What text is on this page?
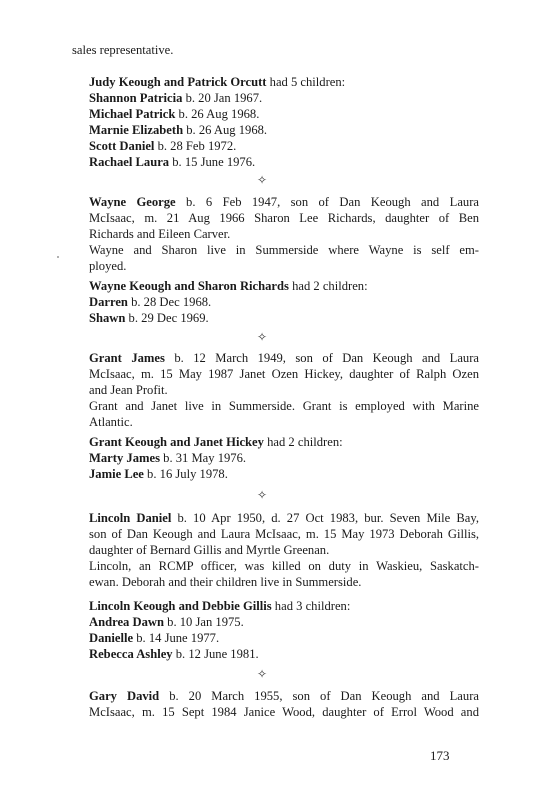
sales representative.

Judy Keough and Patrick Orcutt had 5 children:

Shannon Patricia b. 20 Jan 1967.

Michael Patrick b. 26 Aug 1968.

Marnie Elizabeth b. 26 Aug 1968.

Scott Daniel b. 28 Feb 1972.

Rachael Laura b. 15 June 1976.

✧

Wayne George b. 6 Feb 1947, son of Dan Keough and Laura

McIsaac, m. 21 Aug 1966 Sharon Lee Richards, daughter of Ben

Richards and Eileen Carver.

Wayne and Sharon live in Summerside where Wayne is self em-

ployed.

Wayne Keough and Sharon Richards had 2 children:

Darren b. 28 Dec 1968.

Shawn b. 29 Dec 1969.

✧

Grant James b. 12 March 1949, son of Dan Keough and Laura

McIsaac, m. 15 May 1987 Janet Ozen Hickey, daughter of Ralph Ozen

and Jean Profit.

Grant and Janet live in Summerside. Grant is employed with Marine

Atlantic.

Grant Keough and Janet Hickey had 2 children:

Marty James b. 31 May 1976.

Jamie Lee b. 16 July 1978.

✧

Lincoln Daniel b. 10 Apr 1950, d. 27 Oct 1983, bur. Seven Mile Bay,

son of Dan Keough and Laura McIsaac, m. 15 May 1973 Deborah Gillis,

daughter of Bernard Gillis and Myrtle Greenan.

Lincoln, an RCMP officer, was killed on duty in Waskieu, Saskatch-

ewan. Deborah and their children live in Summerside.

Lincoln Keough and Debbie Gillis had 3 children:

Andrea Dawn b. 10 Jan 1975.

Danielle b. 14 June 1977.

Rebecca Ashley b. 12 June 1981.

✧

Gary David b. 20 March 1955, son of Dan Keough and Laura

McIsaac, m. 15 Sept 1984 Janice Wood, daughter of Errol Wood and

173
